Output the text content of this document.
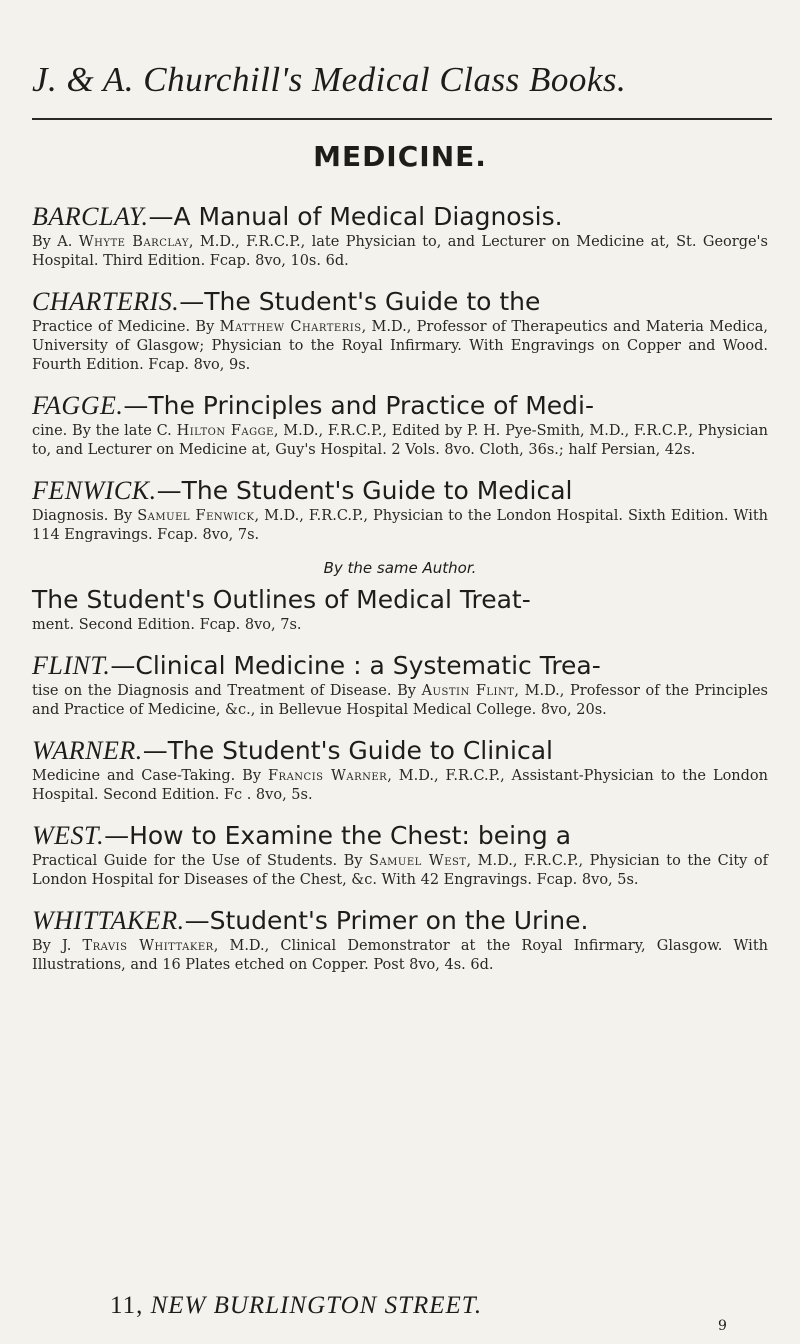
J. & A. Churchill's Medical Class Books.
MEDICINE.

BARCLAY.—A Manual of Medical Diagnosis.

By A. Whyte Barclay, M.D., F.R.C.P., late Physician to, and Lecturer on Medicine at, St. George's Hospital. Third Edition. Fcap. 8vo, 10s. 6d.

CHARTERIS.—The Student's Guide to the

Practice of Medicine. By Matthew Charteris, M.D., Professor of Therapeutics and Materia Medica, University of Glasgow; Physician to the Royal Infirmary. With Engravings on Copper and Wood. Fourth Edition. Fcap. 8vo, 9s.

FAGGE.—The Principles and Practice of Medi-

cine. By the late C. Hilton Fagge, M.D., F.R.C.P., Edited by P. H. Pye-Smith, M.D., F.R.C.P., Physician to, and Lecturer on Medicine at, Guy's Hospital. 2 Vols. 8vo. Cloth, 36s.; half Persian, 42s.

FENWICK.—The Student's Guide to Medical

Diagnosis. By Samuel Fenwick, M.D., F.R.C.P., Physician to the London Hospital. Sixth Edition. With 114 Engravings. Fcap. 8vo, 7s.

By the same Author.

The Student's Outlines of Medical Treat-

ment. Second Edition. Fcap. 8vo, 7s.

FLINT.—Clinical Medicine : a Systematic Trea-

tise on the Diagnosis and Treatment of Disease. By Austin Flint, M.D., Professor of the Principles and Practice of Medicine, &c., in Bellevue Hospital Medical College. 8vo, 20s.

WARNER.—The Student's Guide to Clinical

Medicine and Case-Taking. By Francis Warner, M.D., F.R.C.P., Assistant-Physician to the London Hospital. Second Edition. Fc . 8vo, 5s.

WEST.—How to Examine the Chest: being a

Practical Guide for the Use of Students. By Samuel West, M.D., F.R.C.P., Physician to the City of London Hospital for Diseases of the Chest, &c. With 42 Engravings. Fcap. 8vo, 5s.

WHITTAKER.—Student's Primer on the Urine.

By J. Travis Whittaker, M.D., Clinical Demonstrator at the Royal Infirmary, Glasgow. With Illustrations, and 16 Plates etched on Copper. Post 8vo, 4s. 6d.

11, NEW BURLINGTON STREET.
9
